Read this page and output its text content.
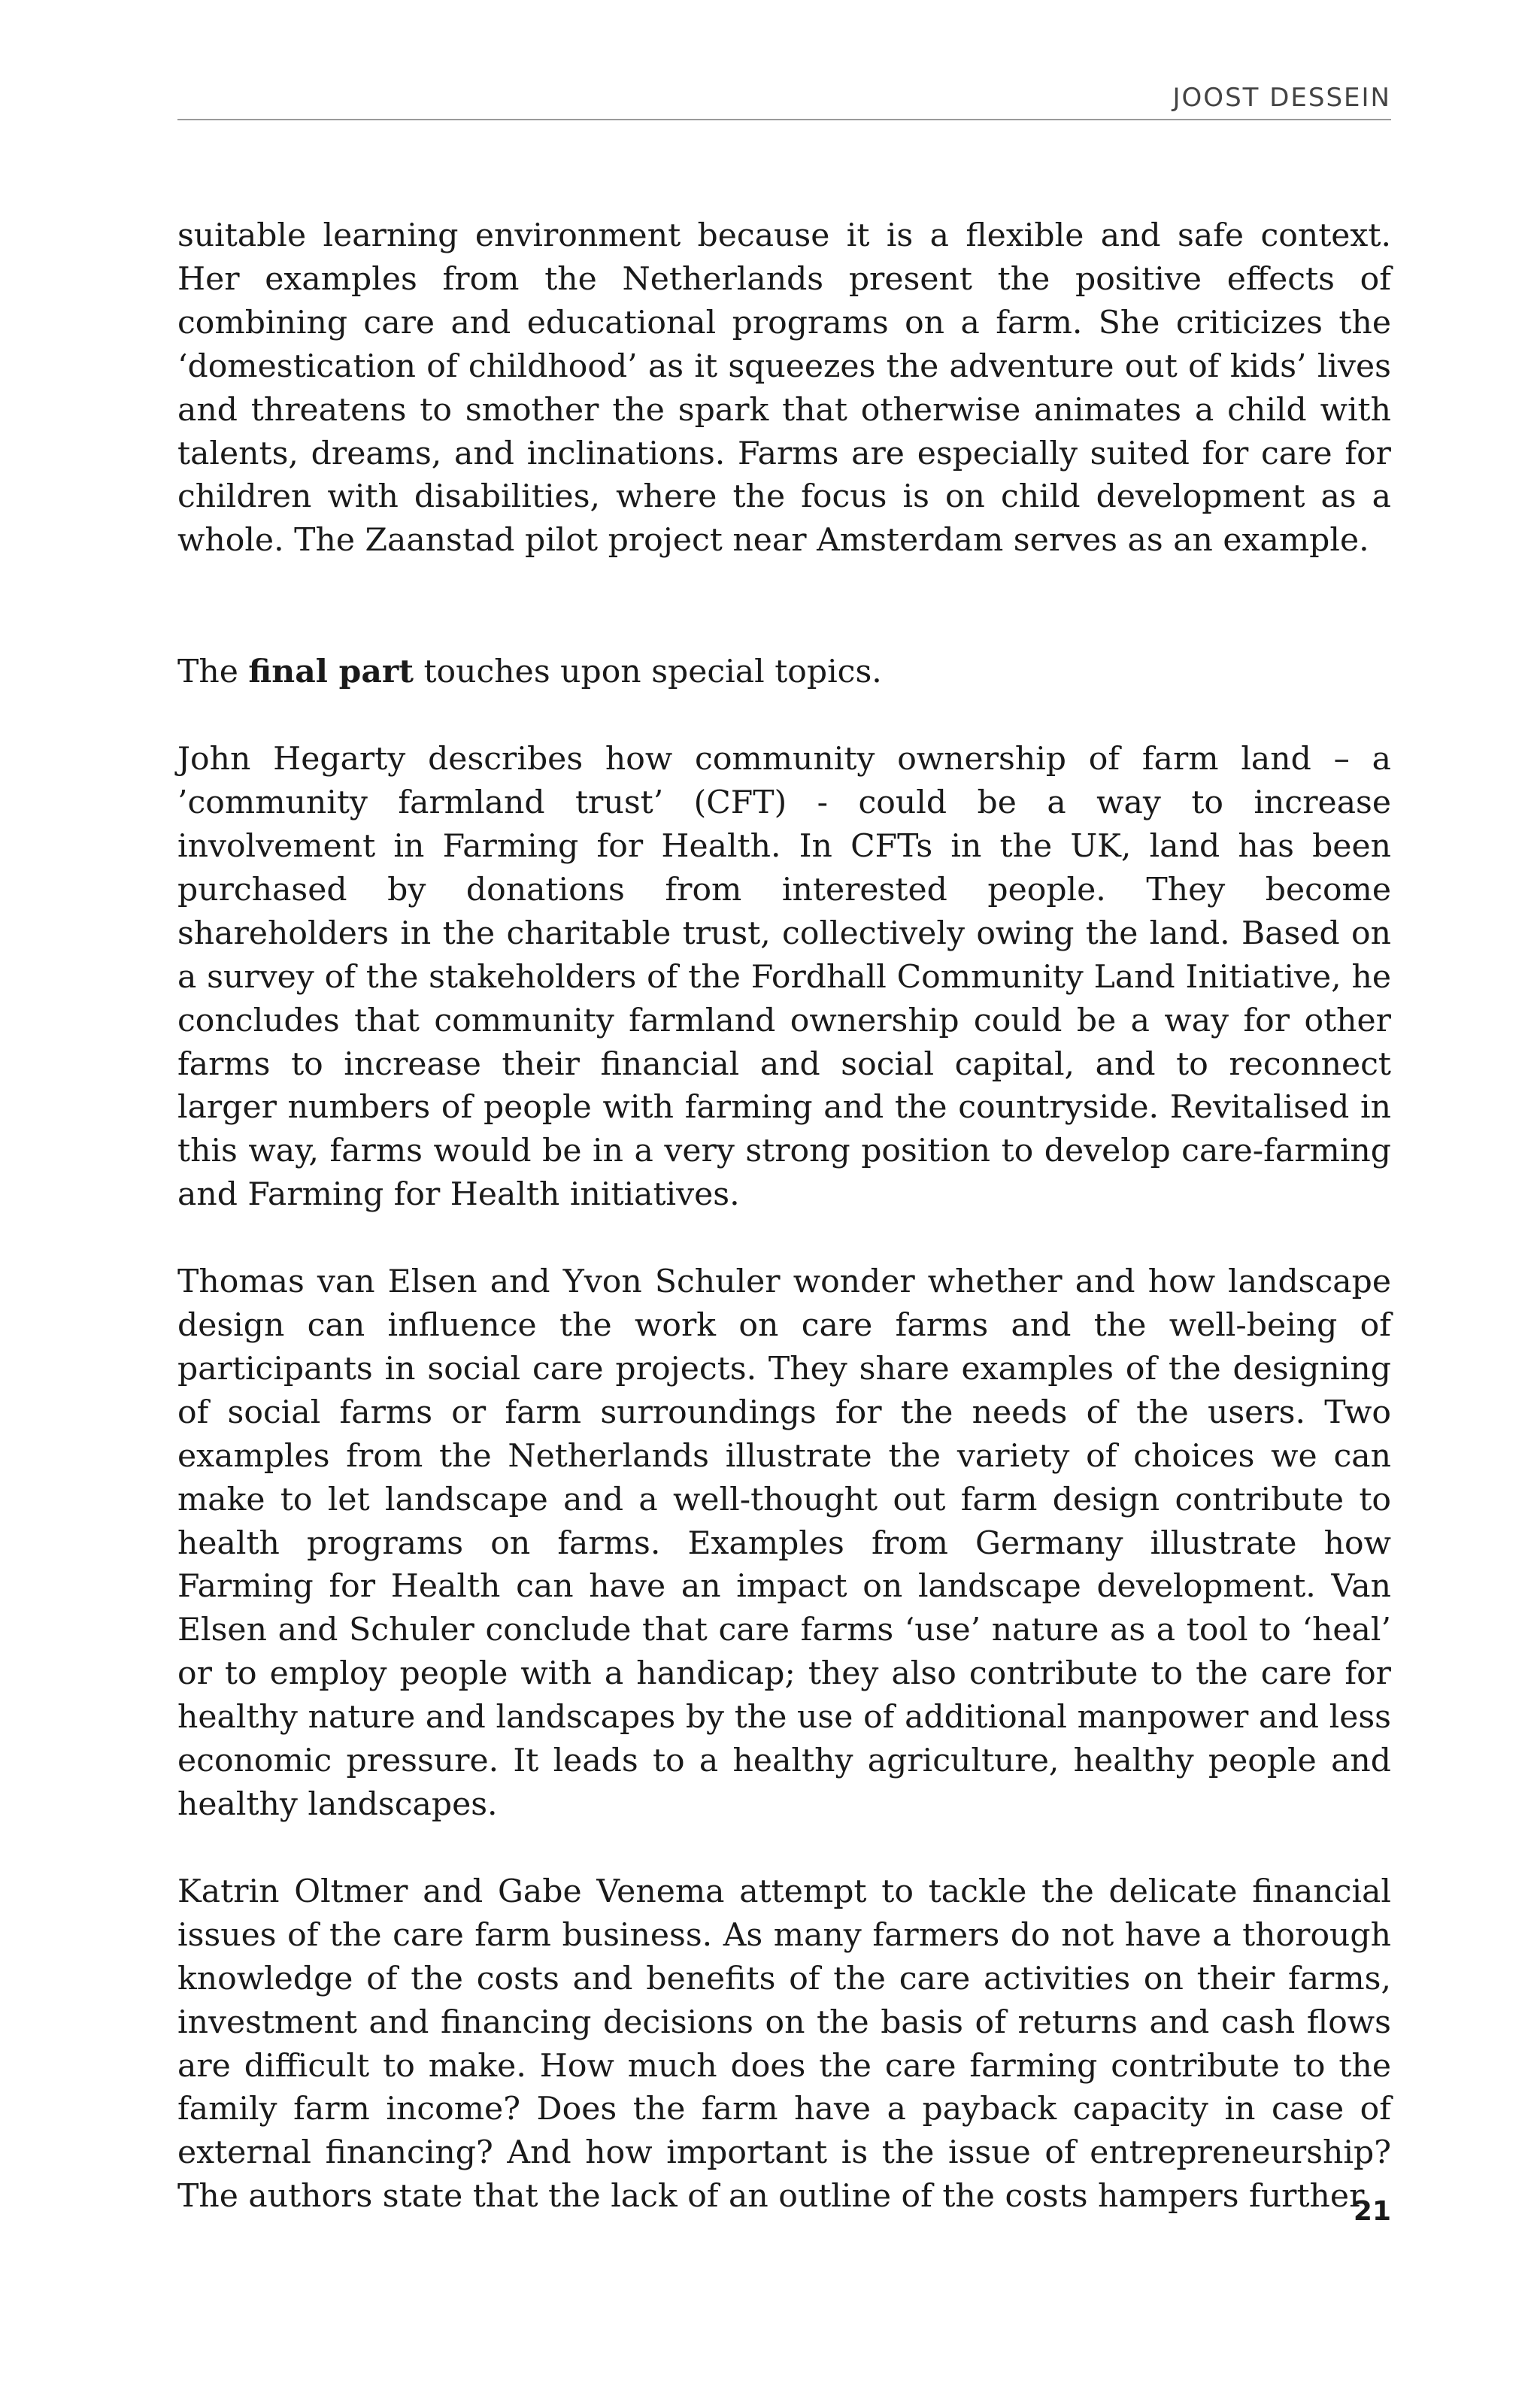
JOOST DESSEIN

suitable learning environment because it is a flexible and safe context. Her examples from the Netherlands present the positive effects of combining care and educational programs on a farm. She criticizes the ‘domestication of childhood’ as it squeezes the adventure out of kids’ lives and threatens to smother the spark that otherwise animates a child with talents, dreams, and inclinations. Farms are especially suited for care for children with disabilities, where the focus is on child development as a whole. The Zaanstad pilot project near Amsterdam serves as an example.

The final part touches upon special topics.

John Hegarty describes how community ownership of farm land – a ’community farmland trust’ (CFT) - could be a way to increase involvement in Farming for Health. In CFTs in the UK, land has been purchased by donations from interested people. They become shareholders in the charitable trust, collectively owing the land. Based on a survey of the stakeholders of the Fordhall Community Land Initiative, he concludes that community farmland ownership could be a way for other farms to increase their financial and social capital, and to reconnect larger numbers of people with farming and the countryside. Revitalised in this way, farms would be in a very strong position to develop care-farming and Farming for Health initiatives.

Thomas van Elsen and Yvon Schuler wonder whether and how landscape design can influence the work on care farms and the well-being of participants in social care projects. They share examples of the designing of social farms or farm surroundings for the needs of the users. Two examples from the Netherlands illustrate the variety of choices we can make to let landscape and a well-thought out farm design contribute to health programs on farms. Examples from Germany illustrate how Farming for Health can have an impact on landscape development. Van Elsen and Schuler conclude that care farms ‘use’ nature as a tool to ‘heal’ or to employ people with a handicap; they also contribute to the care for healthy nature and landscapes by the use of additional manpower and less economic pressure. It leads to a healthy agriculture, healthy people and healthy landscapes.

Katrin Oltmer and Gabe Venema attempt to tackle the delicate financial issues of the care farm business. As many farmers do not have a thorough knowledge of the costs and benefits of the care activities on their farms, investment and financing decisions on the basis of returns and cash flows are difficult to make. How much does the care farming contribute to the family farm income? Does the farm have a payback capacity in case of external financing? And how important is the issue of entrepreneurship? The authors state that the lack of an outline of the costs hampers further

21
